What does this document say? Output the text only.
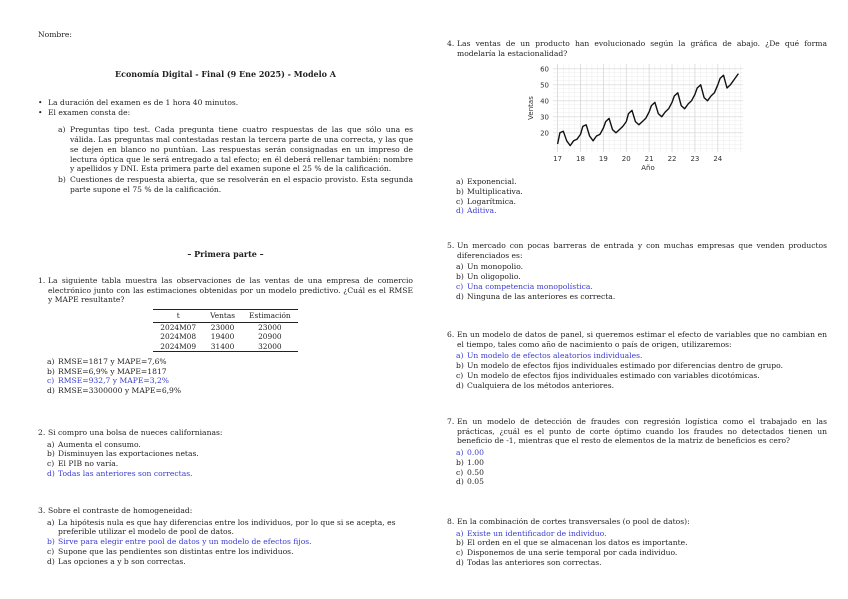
Nombre:
Economía Digital - Final (9 Ene 2025) - Modelo A
• La duración del examen es de 1 hora 40 minutos.
• El examen consta de:
a) Preguntas tipo test. Cada pregunta tiene cuatro respuestas de las que sólo una es válida. Las preguntas mal contestadas restan la tercera parte de una correcta, y las que se dejen en blanco no puntúan. Las respuestas serán consignadas en un impreso de lectura óptica que le será entregado a tal efecto; en él deberá rellenar también: nombre y apellidos y DNI. Esta primera parte del examen supone el 25 % de la calificación.
b) Cuestiones de respuesta abierta, que se resolverán en el espacio provisto. Esta segunda parte supone el 75 % de la calificación.
– Primera parte –
1. La siguiente tabla muestra las observaciones de las ventas de una empresa de comercio electrónico junto con las estimaciones obtenidas por un modelo predictivo. ¿Cuál es el RMSE y MAPE resultante?
t	Ventas	Estimación
2024M07	23000	23000
2024M08	19400	20900
2024M09	31400	32000
a) RMSE=1817 y MAPE=7,6%
b) RMSE=6,9% y MAPE=1817
c) RMSE=932,7 y MAPE=3,2%
d) RMSE=3300000 y MAPE=6,9%
2. Si compro una bolsa de nueces californianas:
a) Aumenta el consumo.
b) Disminuyen las exportaciones netas.
c) El PIB no varía.
d) Todas las anteriores son correctas.
3. Sobre el contraste de homogeneidad:
a) La hipótesis nula es que hay diferencias entre los individuos, por lo que si se acepta, es preferible utilizar el modelo de pool de datos.
b) Sirve para elegir entre pool de datos y un modelo de efectos fijos.
c) Supone que las pendientes son distintas entre los individuos.
d) Las opciones a y b son correctas.
4. Las ventas de un producto han evolucionado según la gráfica de abajo. ¿De qué forma modelaría la estacionalidad?
17 18 19 20 21 22 23 24
20
30
40
50
60
Año
Ventas
a) Exponencial.
b) Multiplicativa.
c) Logarítmica.
d) Aditiva.
5. Un mercado con pocas barreras de entrada y con muchas empresas que venden productos diferenciados es:
a) Un monopolio.
b) Un oligopolio.
c) Una competencia monopolística.
d) Ninguna de las anteriores es correcta.
6. En un modelo de datos de panel, si queremos estimar el efecto de variables que no cambian en el tiempo, tales como año de nacimiento o país de origen, utilizaremos:
a) Un modelo de efectos aleatorios individuales.
b) Un modelo de efectos fijos individuales estimado por diferencias dentro de grupo.
c) Un modelo de efectos fijos individuales estimado con variables dicotómicas.
d) Cualquiera de los métodos anteriores.
7. En un modelo de detección de fraudes con regresión logística como el trabajado en las prácticas, ¿cuál es el punto de corte óptimo cuando los fraudes no detectados tienen un beneficio de -1, mientras que el resto de elementos de la matriz de beneficios es cero?
a) 0.00
b) 1.00
c) 0.50
d) 0.05
8. En la combinación de cortes transversales (o pool de datos):
a) Existe un identificador de individuo.
b) El orden en el que se almacenan los datos es importante.
c) Disponemos de una serie temporal por cada individuo.
d) Todas las anteriores son correctas.
